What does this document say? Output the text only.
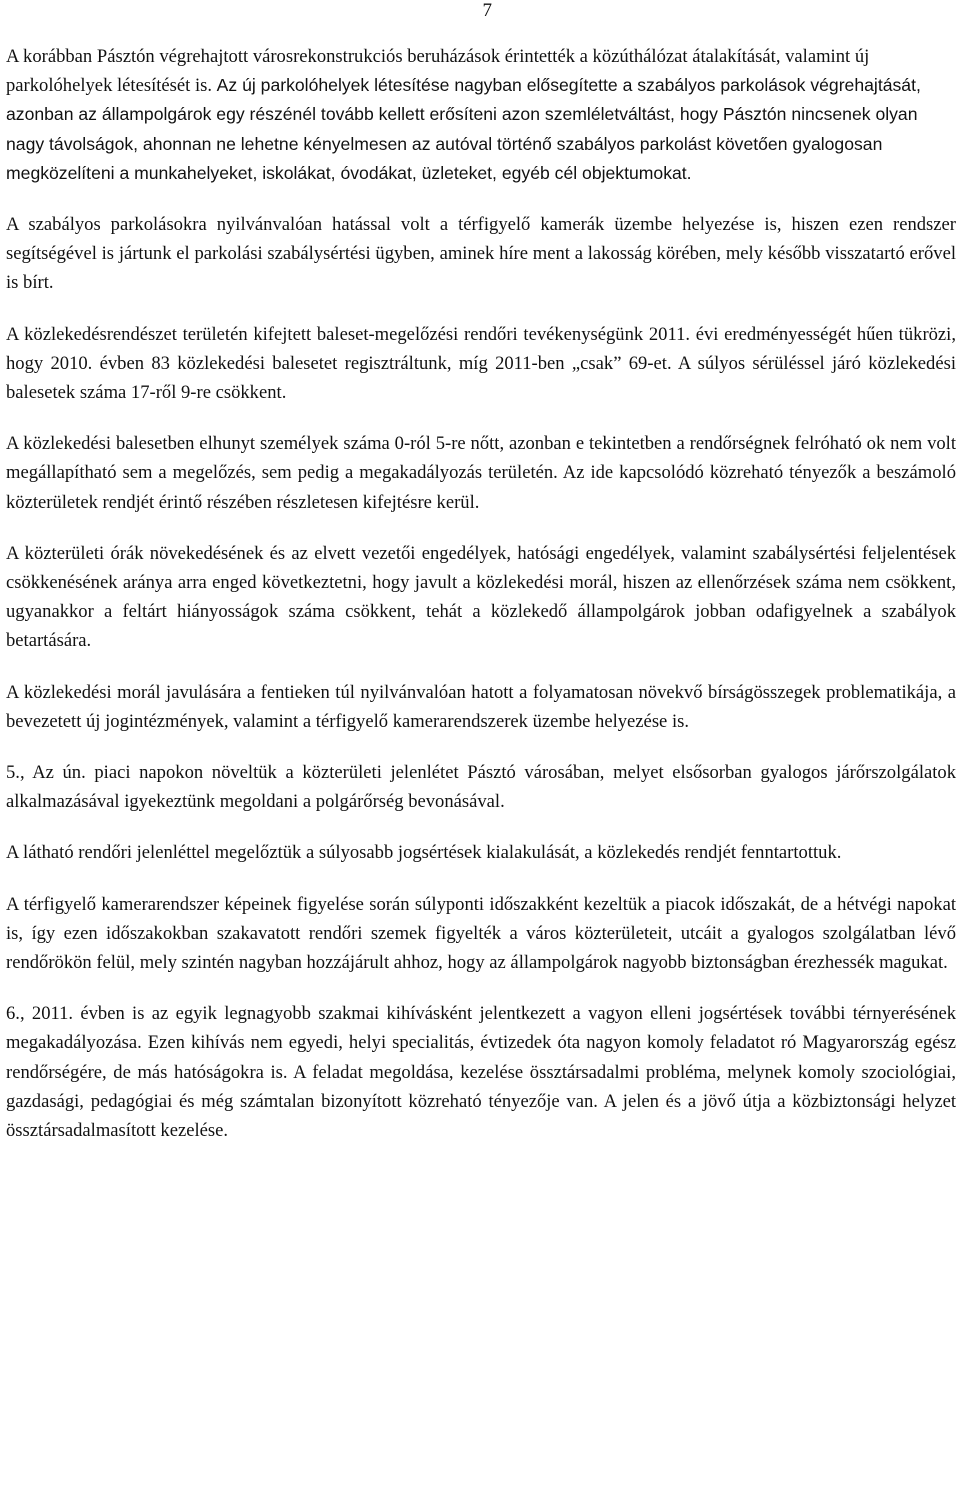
7

A korábban Pásztón végrehajtott városrekonstrukciós beruházások érintették a közúthálózat átalakítását, valamint új parkolóhelyek létesítését is. Az új parkolóhelyek létesítése nagyban elősegítette a szabályos parkolások végrehajtását, azonban az állampolgárok egy részénél tovább kellett erősíteni azon szemléletváltást, hogy Pásztón nincsenek olyan nagy távolságok, ahonnan ne lehetne kényelmesen az autóval történő szabályos parkolást követően gyalogosan megközelíteni a munkahelyeket, iskolákat, óvodákat, üzleteket, egyéb cél objektumokat.

A szabályos parkolásokra nyilvánvalóan hatással volt a térfigyelő kamerák üzembe helyezése is, hiszen ezen rendszer segítségével is jártunk el parkolási szabálysértési ügyben, aminek híre ment a lakosság körében, mely később visszatartó erővel is bírt.

A közlekedésrendészet területén kifejtett baleset-megelőzési rendőri tevékenységünk 2011. évi eredményességét hűen tükrözi, hogy 2010. évben 83 közlekedési balesetet regisztráltunk, míg 2011-ben „csak” 69-et. A súlyos sérüléssel járó közlekedési balesetek száma 17-ről 9-re csökkent.

A közlekedési balesetben elhunyt személyek száma 0-ról 5-re nőtt, azonban e tekintetben a rendőrségnek felróható ok nem volt megállapítható sem a megelőzés, sem pedig a megakadályozás területén. Az ide kapcsolódó közreható tényezők a beszámoló közterületek rendjét érintő részében részletesen kifejtésre kerül.

A közterületi órák növekedésének és az elvett vezetői engedélyek, hatósági engedélyek, valamint szabálysértési feljelentések csökkenésének aránya arra enged következtetni, hogy javult a közlekedési morál, hiszen az ellenőrzések száma nem csökkent, ugyanakkor a feltárt hiányosságok száma csökkent, tehát a közlekedő állampolgárok jobban odafigyelnek a szabályok betartására.

A közlekedési morál javulására a fentieken túl nyilvánvalóan hatott a folyamatosan növekvő bírságösszegek problematikája, a bevezetett új jogintézmények, valamint a térfigyelő kamerarendszerek üzembe helyezése is.

5., Az ún. piaci napokon növeltük a közterületi jelenlétet Pásztó városában, melyet elsősorban gyalogos járőrszolgálatok alkalmazásával igyekeztünk megoldani a polgárőrség bevonásával.

A látható rendőri jelenléttel megelőztük a súlyosabb jogsértések kialakulását, a közlekedés rendjét fenntartottuk.

A térfigyelő kamerarendszer képeinek figyelése során súlyponti időszakként kezeltük a piacok időszakát, de a hétvégi napokat is, így ezen időszakokban szakavatott rendőri szemek figyelték a város közterületeit, utcáit a gyalogos szolgálatban lévő rendőrökön felül, mely szintén nagyban hozzájárult ahhoz, hogy az állampolgárok nagyobb biztonságban érezhessék magukat.

6., 2011. évben is az egyik legnagyobb szakmai kihívásként jelentkezett a vagyon elleni jogsértések további térnyerésének megakadályozása. Ezen kihívás nem egyedi, helyi specialitás, évtizedek óta nagyon komoly feladatot ró Magyarország egész rendőrségére, de más hatóságokra is. A feladat megoldása, kezelése össztársadalmi probléma, melynek komoly szociológiai, gazdasági, pedagógiai és még számtalan bizonyított közreható tényezője van. A jelen és a jövő útja a közbiztonsági helyzet össztársadalmasított kezelése.
